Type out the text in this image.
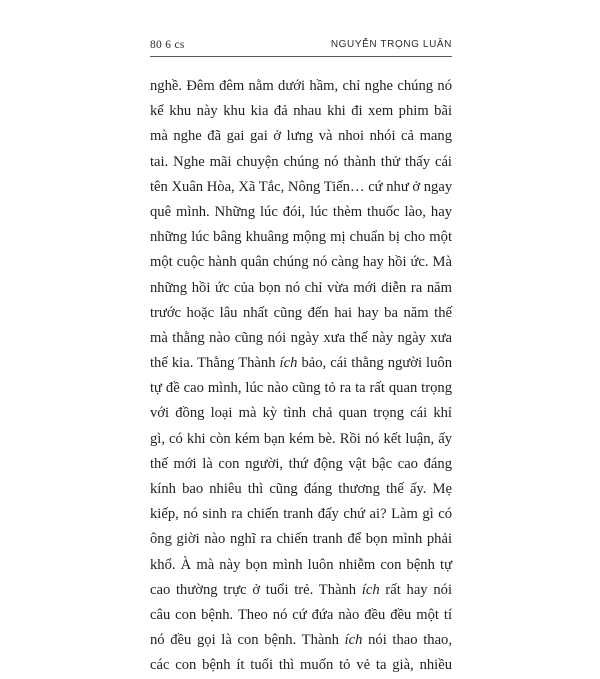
80 6 cs	NGUYỄN TRỌNG LUÂN
nghề. Đêm đêm nằm dưới hầm, chỉ nghe chúng nó
kể khu này khu kia đả nhau khi đi xem phim bãi
mà nghe đã gai gai ở lưng và nhoi nhói cả mang
tai. Nghe mãi chuyện chúng nó thành thử thấy cái
tên Xuân Hòa, Xã Tắc, Nông Tiến… cứ như ở ngay
quê mình. Những lúc đói, lúc thèm thuốc lào, hay
những lúc bâng khuâng mộng mị chuẩn bị cho một
một cuộc hành quân chúng nó càng hay hồi ức. Mà
những hồi ức của bọn nó chỉ vừa mới diễn ra năm
trước hoặc lâu nhất cũng đến hai hay ba năm thế
mà thằng nào cũng nói ngày xưa thế này ngày xưa
thế kia. Thằng Thành ích bảo, cái thằng người luôn
tự đề cao mình, lúc nào cũng tỏ ra ta rất quan trọng
với đồng loại mà kỳ tình chả quan trọng cái khỉ
gì, có khi còn kém bạn kém bè. Rồi nó kết luận, ấy
thế mới là con người, thứ động vật bậc cao đáng
kính bao nhiêu thì cũng đáng thương thế ấy. Mẹ
kiếp, nó sinh ra chiến tranh đấy chứ ai? Làm gì có
ông giời nào nghĩ ra chiến tranh để bọn mình phải
khổ. À mà này bọn mình luôn nhiễm con bệnh tự
cao thường trực ở tuổi trẻ. Thành ích rất hay nói
câu con bệnh. Theo nó cứ đứa nào đều đều một tí
nó đều gọi là con bệnh. Thành ích nói thao thao,
các con bệnh ít tuổi thì muốn tỏ vẻ ta già, nhiều
